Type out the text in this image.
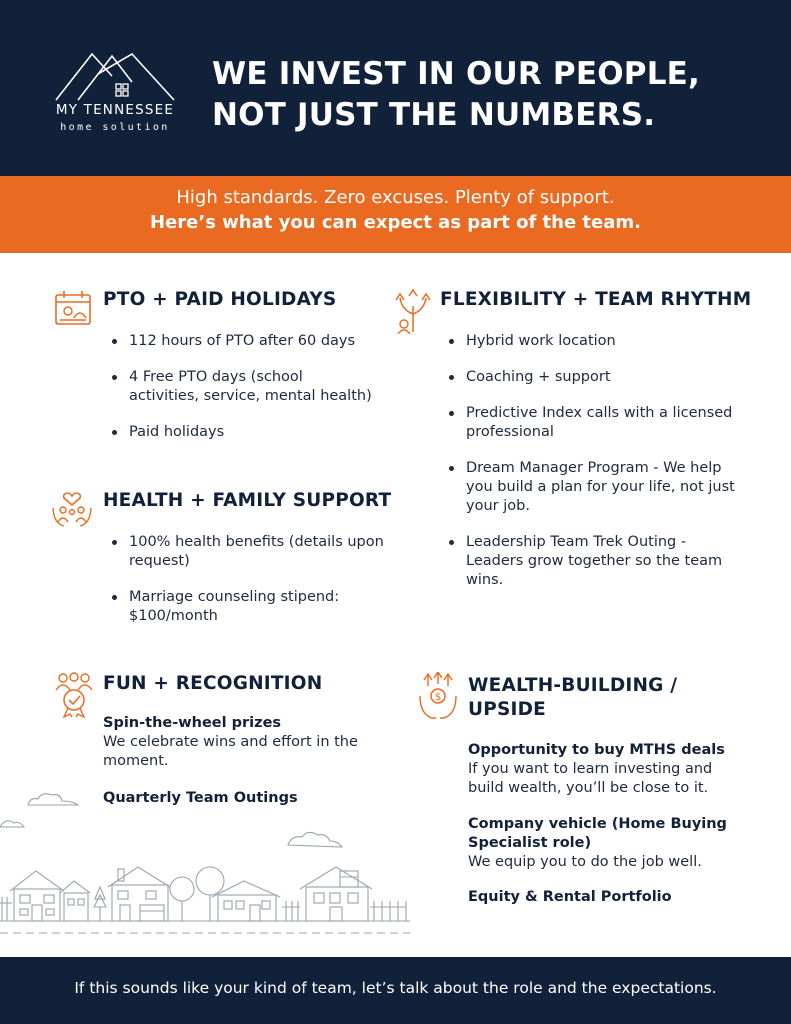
MY TENNESSEE
home solution
WE INVEST IN OUR PEOPLE,
NOT JUST THE NUMBERS.
High standards. Zero excuses. Plenty of support.
Here’s what you can expect as part of the team.
PTO + PAID HOLIDAYS
112 hours of PTO after 60 days
4 Free PTO days (school activities, service, mental health)
Paid holidays
HEALTH + FAMILY SUPPORT
100% health benefits (details upon request)
Marriage counseling stipend: $100/month
FLEXIBILITY + TEAM RHYTHM
Hybrid work location
Coaching + support
Predictive Index calls with a licensed professional
Dream Manager Program - We help you build a plan for your life, not just your job.
Leadership Team Trek Outing - Leaders grow together so the team wins.
FUN + RECOGNITION
Spin-the-wheel prizes
We celebrate wins and effort in the moment.
Quarterly Team Outings
$
WEALTH-BUILDING / UPSIDE
Opportunity to buy MTHS deals
If you want to learn investing and build wealth, you’ll be close to it.
Company vehicle (Home Buying Specialist role)
We equip you to do the job well.
Equity & Rental Portfolio
If this sounds like your kind of team, let’s talk about the role and the expectations.
